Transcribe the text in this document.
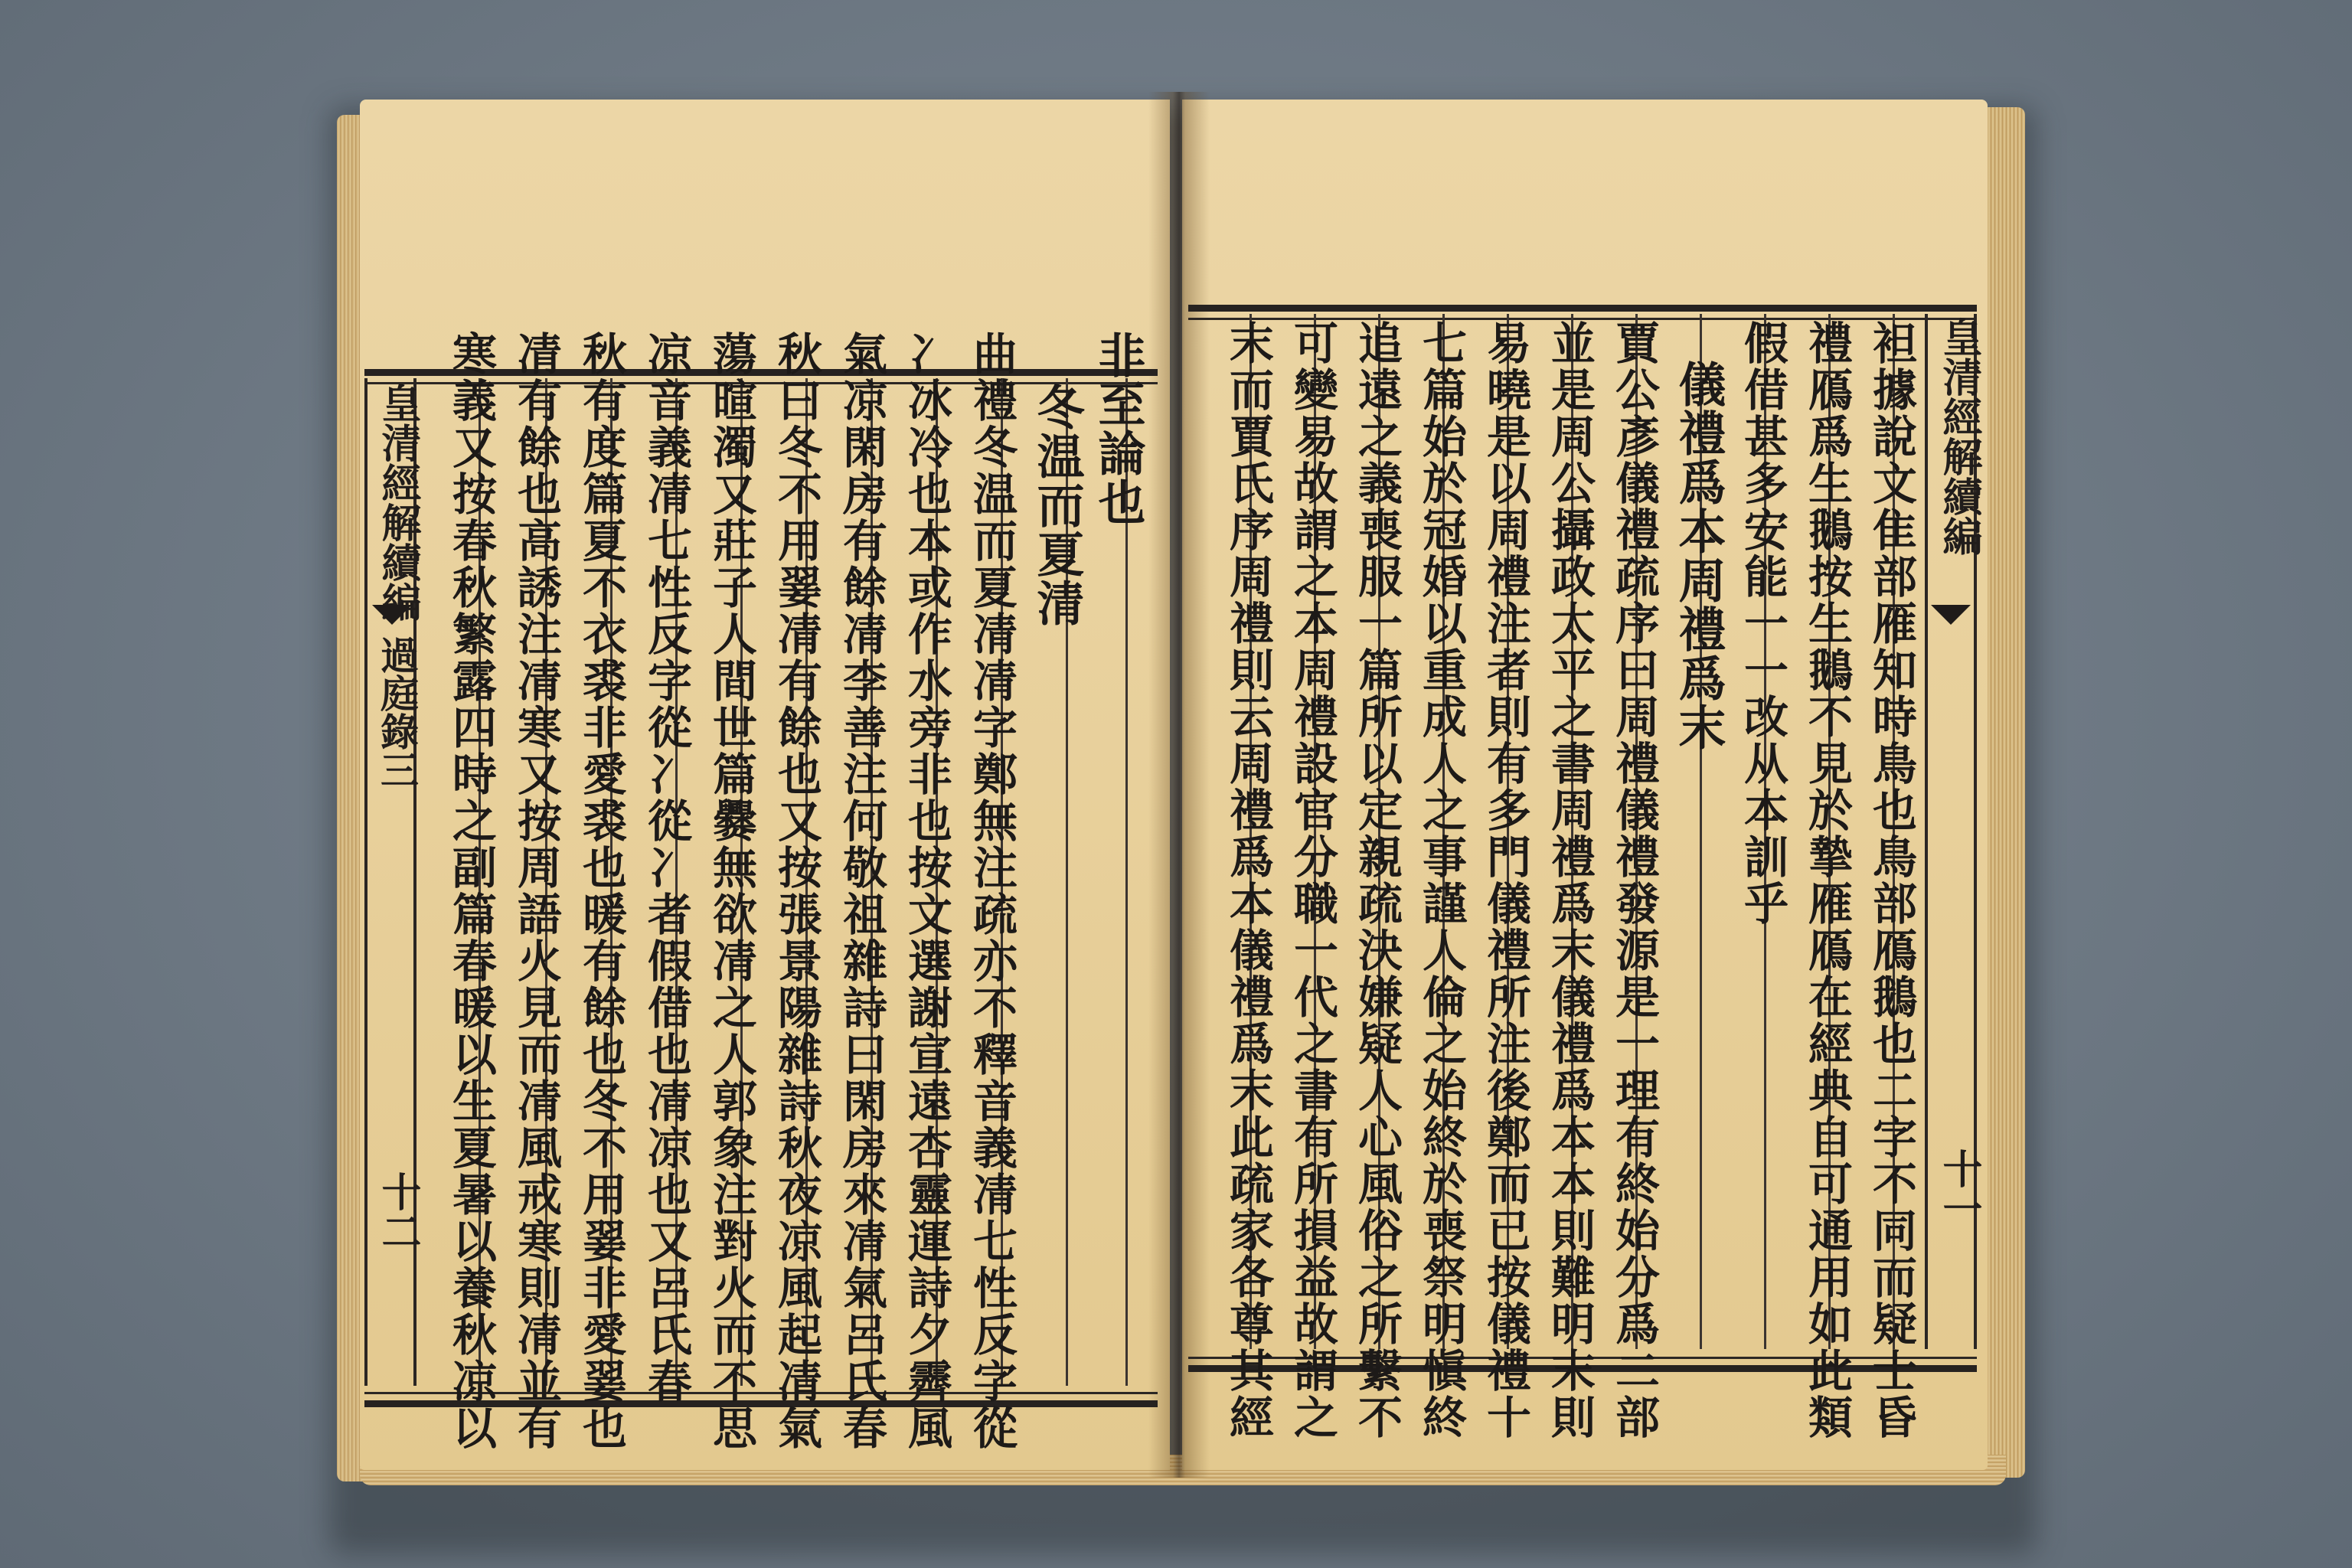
皇清經解續編
過庭錄三
十二
非至論也
冬温而夏清
曲禮冬温而夏凊凊字鄭無注疏亦不釋音義凊七性反字從
冫冰冷也本或作水旁非也按文選謝宣遠杏靈運詩夕霽風
氣凉閑房有餘凊李善注何敬祖雜詩曰閑房來凊氣呂氏春
秋曰冬不用翣凊有餘也又按張景陽雜詩秋夜凉風起凊氣
蕩暄濁又莊子人間世篇爨無欲凊之人郭象注對火而不思
凉音義凊七性反字從冫從冫者假借也凊凉也又呂氏春
秋有度篇夏不衣裘非愛裘也暖有餘也冬不用翣非愛翣也
凊有餘也高誘注凊寒又按周語火見而凊風戒寒則凊並有
寒義又按春秋繁露四時之副篇春暖以生夏暑以養秋凉以	皇清經解續編
十一
袒據說文隹部雁知時鳥也鳥部鴈鵝也二字不同而疑士昏
禮鴈爲生鵝按生鵝不見於摯雁鴈在經典自可通用如此類
假借甚多安能一一改从本訓乎
儀禮爲本周禮爲末
賈公彥儀禮疏序曰周禮儀禮發源是一理有終始分爲二部
並是周公攝政太平之書周禮爲末儀禮爲本本則難明末則
易曉是以周禮注者則有多門儀禮所注後鄭而已按儀禮十
七篇始於冠婚以重成人之事謹人倫之始終於喪祭明愼終
追遠之義喪服一篇所以定親疏決嫌疑人心風俗之所繫不
可變易故謂之本周禮設官分職一代之書有所損益故謂之
末而賈氏序周禮則云周禮爲本儀禮爲末此疏家各尊其經
